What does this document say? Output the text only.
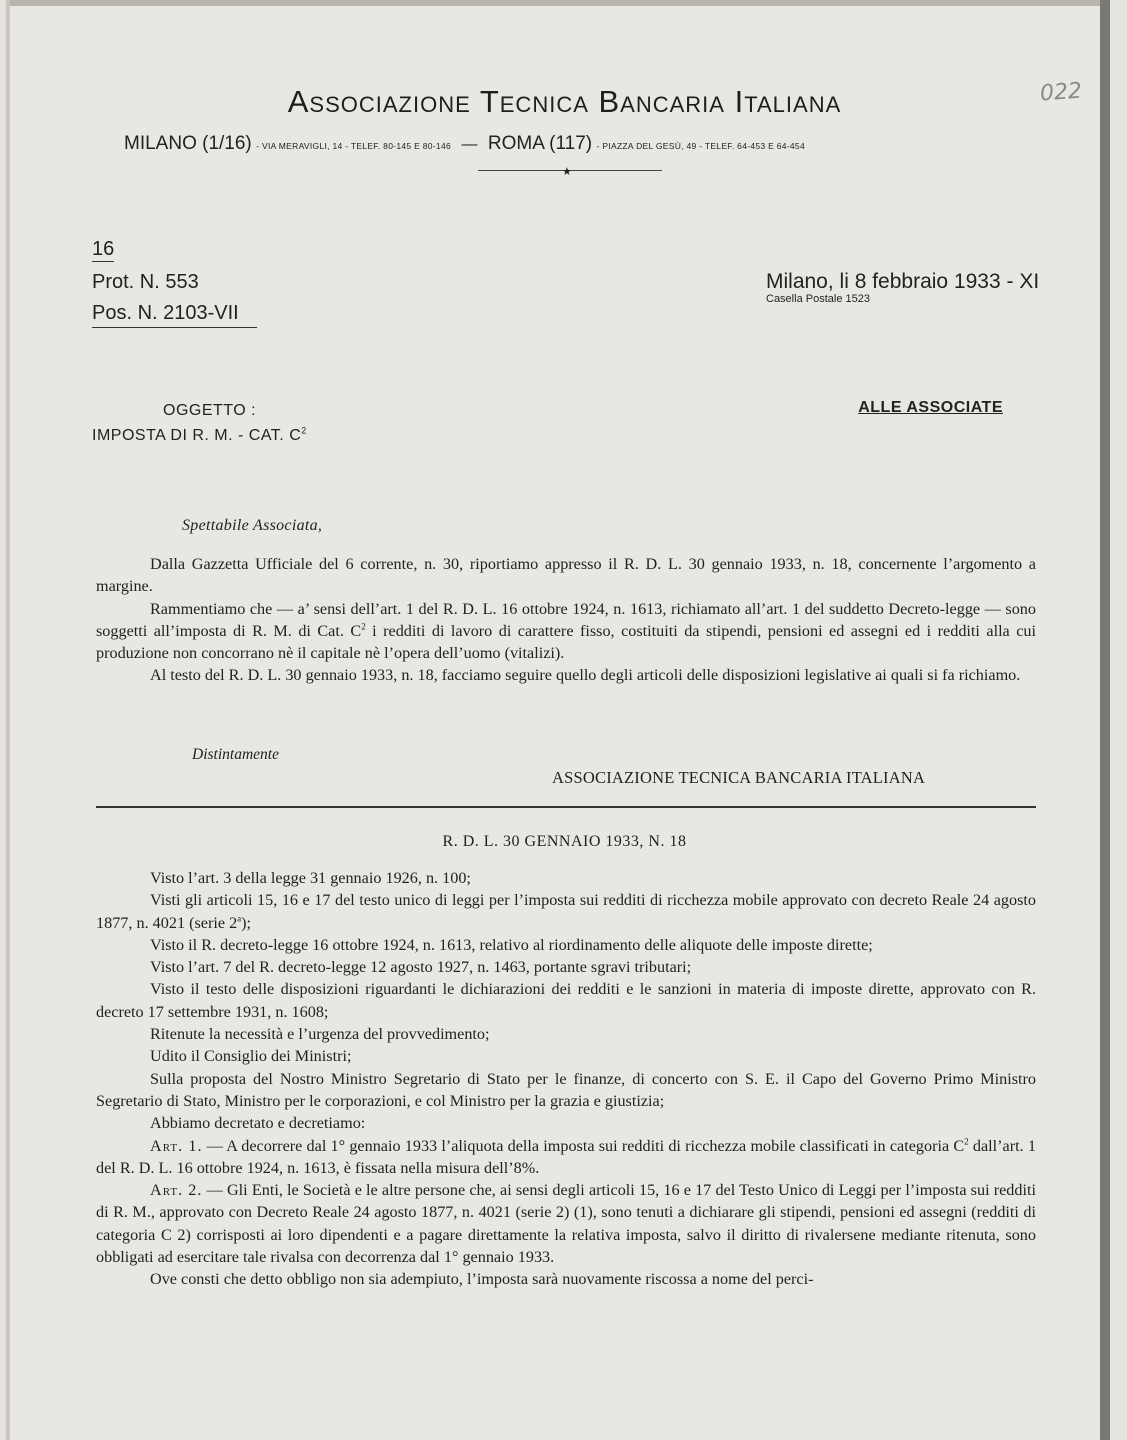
022
Associazione Tecnica Bancaria Italiana
MILANO (1/16) - VIA MERAVIGLI, 14 - TELEF. 80-145 E 80-146 — ROMA (117) - PIAZZA DEL GESÙ, 49 - TELEF. 64-453 E 64-454
★
16
Prot. N. 553
Pos. N. 2103-VII
Milano, li 8 febbraio 1933 - XI
Casella Postale 1523
OGGETTO :
IMPOSTA DI R. M. - CAT. $C^2$
ALLE ASSOCIATE
Spettabile Associata,

Dalla Gazzetta Ufficiale del 6 corrente, n. 30, riportiamo appresso il R. D. L. 30 gennaio 1933, n. 18, concernente l’argomento a margine.

Rammentiamo che — a’ sensi dell’art. 1 del R. D. L. 16 ottobre 1924, n. 1613, richiamato all’art. 1 del suddetto Decreto-legge — sono soggetti all’imposta di R. M. di Cat. $C^2$ i redditi di lavoro di carattere fisso, costituiti da stipendi, pensioni ed assegni ed i redditi alla cui produzione non concorrano nè il capitale nè l’opera dell’uomo (vitalizi).

Al testo del R. D. L. 30 gennaio 1933, n. 18, facciamo seguire quello degli articoli delle disposizioni legislative ai quali si fa richiamo.

Distintamente
ASSOCIAZIONE TECNICA BANCARIA ITALIANA
R. D. L. 30 GENNAIO 1933, N. 18

Visto l’art. 3 della legge 31 gennaio 1926, n. 100;

Visti gli articoli 15, 16 e 17 del testo unico di leggi per l’imposta sui redditi di ricchezza mobile approvato con decreto Reale 24 agosto 1877, n. 4021 (serie 2$^a$);

Visto il R. decreto-legge 16 ottobre 1924, n. 1613, relativo al riordinamento delle aliquote delle imposte dirette;

Visto l’art. 7 del R. decreto-legge 12 agosto 1927, n. 1463, portante sgravi tributari;

Visto il testo delle disposizioni riguardanti le dichiarazioni dei redditi e le sanzioni in materia di imposte dirette, approvato con R. decreto 17 settembre 1931, n. 1608;

Ritenute la necessità e l’urgenza del provvedimento;

Udito il Consiglio dei Ministri;

Sulla proposta del Nostro Ministro Segretario di Stato per le finanze, di concerto con S. E. il Capo del Governo Primo Ministro Segretario di Stato, Ministro per le corporazioni, e col Ministro per la grazia e giustizia;

Abbiamo decretato e decretiamo:

Art. 1. — A decorrere dal 1° gennaio 1933 l’aliquota della imposta sui redditi di ricchezza mobile classificati in categoria $C^2$ dall’art. 1 del R. D. L. 16 ottobre 1924, n. 1613, è fissata nella misura dell’8%.

Art. 2. — Gli Enti, le Società e le altre persone che, ai sensi degli articoli 15, 16 e 17 del Testo Unico di Leggi per l’imposta sui redditi di R. M., approvato con Decreto Reale 24 agosto 1877, n. 4021 (serie 2) (1), sono tenuti a dichiarare gli stipendi, pensioni ed assegni (redditi di categoria C 2) corrisposti ai loro dipendenti e a pagare direttamente la relativa imposta, salvo il diritto di rivalersene mediante ritenuta, sono obbligati ad esercitare tale rivalsa con decorrenza dal 1° gennaio 1933.

Ove consti che detto obbligo non sia adempiuto, l’imposta sarà nuovamente riscossa a nome del perci-
